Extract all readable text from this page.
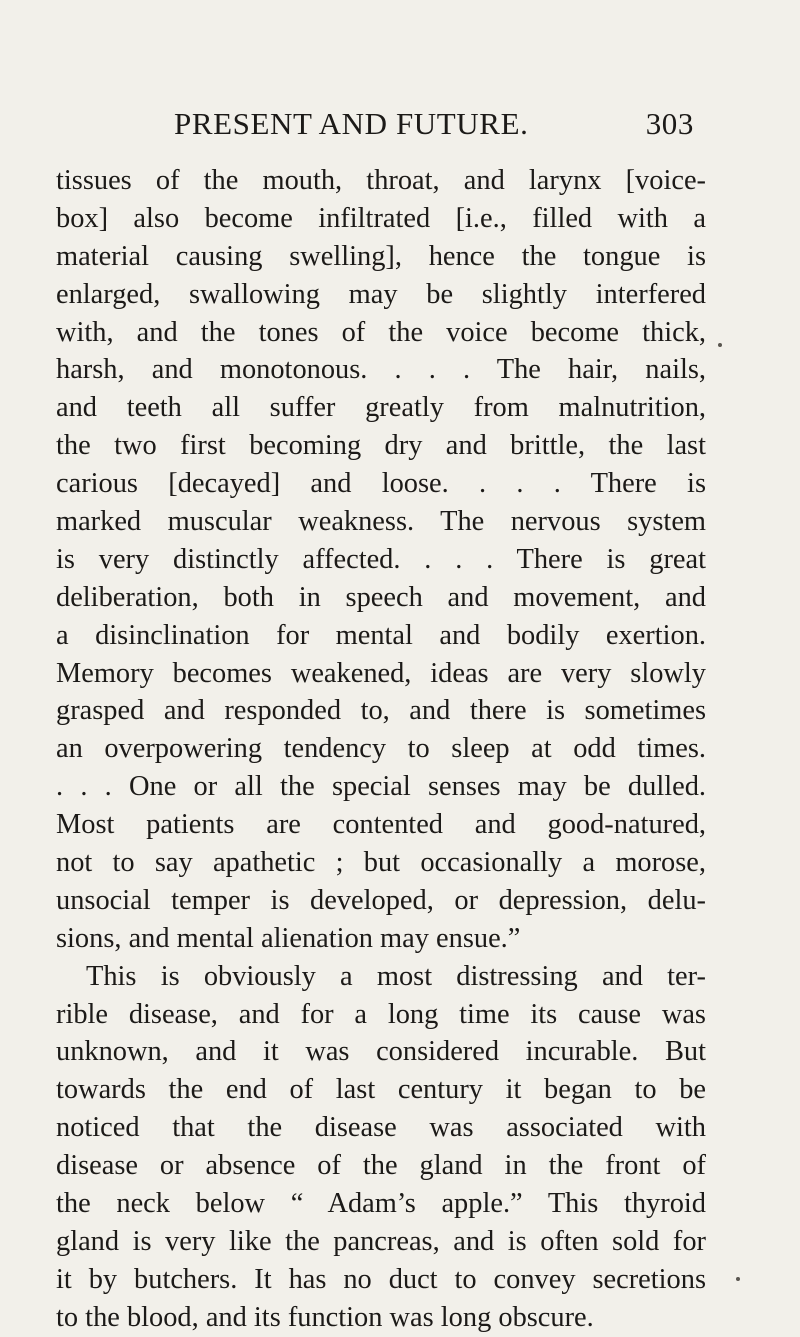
PRESENT AND FUTURE.	303
tissues of the mouth, throat, and larynx [voice-
box] also become infiltrated [i.e., filled with a
material causing swelling], hence the tongue is
enlarged, swallowing may be slightly interfered
with, and the tones of the voice become thick,
harsh, and monotonous. . . . The hair, nails,
and teeth all suffer greatly from malnutrition,
the two first becoming dry and brittle, the last
carious [decayed] and loose. . . . There is
marked muscular weakness. The nervous system
is very distinctly affected. . . . There is great
deliberation, both in speech and movement, and
a disinclination for mental and bodily exertion.
Memory becomes weakened, ideas are very slowly
grasped and responded to, and there is sometimes
an overpowering tendency to sleep at odd times.
. . . One or all the special senses may be dulled.
Most patients are contented and good-natured,
not to say apathetic ; but occasionally a morose,
unsocial temper is developed, or depression, delu-
sions, and mental alienation may ensue.”
This is obviously a most distressing and ter-
rible disease, and for a long time its cause was
unknown, and it was considered incurable. But
towards the end of last century it began to be
noticed that the disease was associated with
disease or absence of the gland in the front of
the neck below “ Adam’s apple.” This thyroid
gland is very like the pancreas, and is often sold for
it by butchers. It has no duct to convey secretions
to the blood, and its function was long obscure.
